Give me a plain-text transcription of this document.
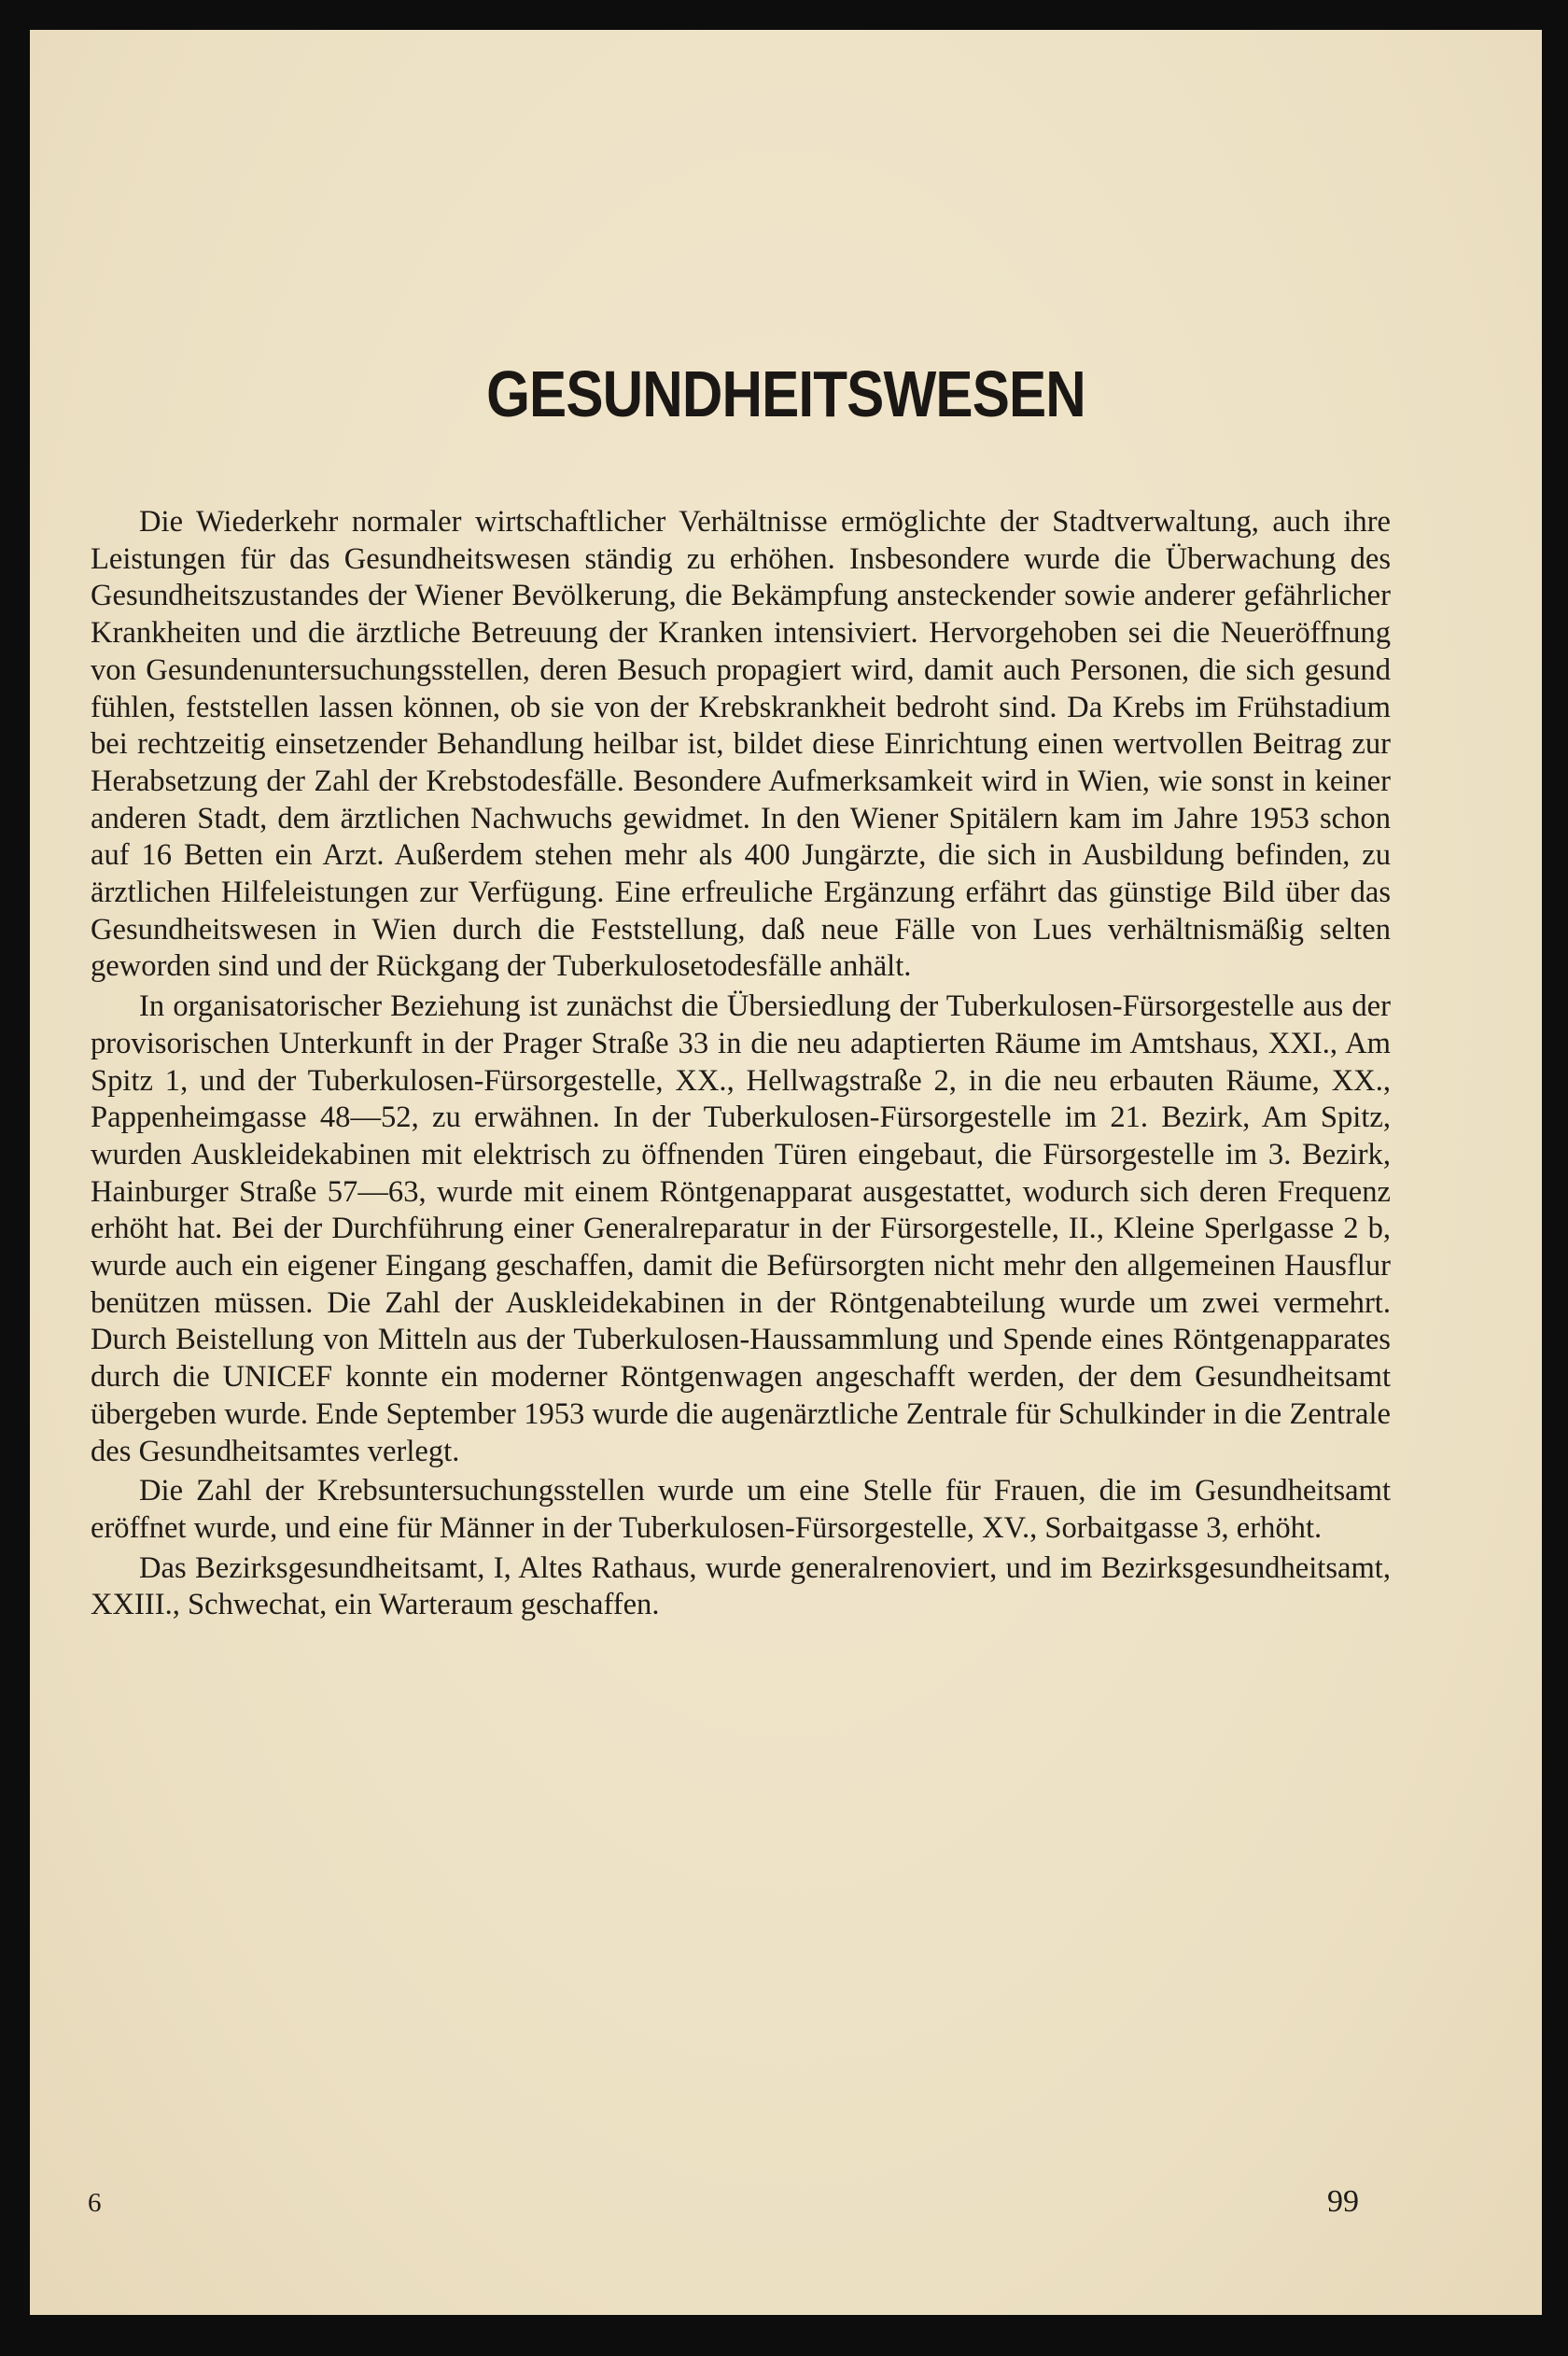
GESUNDHEITSWESEN

Die Wiederkehr normaler wirtschaftlicher Verhältnisse ermöglichte der Stadtverwaltung, auch ihre Leistungen für das Gesundheitswesen ständig zu erhöhen. Insbesondere wurde die Überwachung des Gesundheitszustandes der Wiener Bevölkerung, die Bekämpfung ansteckender sowie anderer gefährlicher Krankheiten und die ärztliche Betreuung der Kranken intensiviert. Hervorgehoben sei die Neueröffnung von Gesundenuntersuchungsstellen, deren Besuch propagiert wird, damit auch Personen, die sich gesund fühlen, feststellen lassen können, ob sie von der Krebskrankheit bedroht sind. Da Krebs im Frühstadium bei rechtzeitig einsetzender Behandlung heilbar ist, bildet diese Einrichtung einen wertvollen Beitrag zur Herabsetzung der Zahl der Krebstodesfälle. Besondere Aufmerksamkeit wird in Wien, wie sonst in keiner anderen Stadt, dem ärztlichen Nachwuchs gewidmet. In den Wiener Spitälern kam im Jahre 1953 schon auf 16 Betten ein Arzt. Außerdem stehen mehr als 400 Jungärzte, die sich in Ausbildung befinden, zu ärztlichen Hilfeleistungen zur Verfügung. Eine erfreuliche Ergänzung erfährt das günstige Bild über das Gesundheitswesen in Wien durch die Feststellung, daß neue Fälle von Lues verhältnismäßig selten geworden sind und der Rückgang der Tuberkulosetodesfälle anhält.

In organisatorischer Beziehung ist zunächst die Übersiedlung der Tuberkulosen-Fürsorgestelle aus der provisorischen Unterkunft in der Prager Straße 33 in die neu adaptierten Räume im Amtshaus, XXI., Am Spitz 1, und der Tuberkulosen-Fürsorgestelle, XX., Hellwagstraße 2, in die neu erbauten Räume, XX., Pappenheimgasse 48—52, zu erwähnen. In der Tuberkulosen-Fürsorgestelle im 21. Bezirk, Am Spitz, wurden Auskleidekabinen mit elektrisch zu öffnenden Türen eingebaut, die Fürsorgestelle im 3. Bezirk, Hainburger Straße 57—63, wurde mit einem Röntgenapparat ausgestattet, wodurch sich deren Frequenz erhöht hat. Bei der Durchführung einer Generalreparatur in der Fürsorgestelle, II., Kleine Sperlgasse 2 b, wurde auch ein eigener Eingang geschaffen, damit die Befürsorgten nicht mehr den allgemeinen Hausflur benützen müssen. Die Zahl der Auskleidekabinen in der Röntgenabteilung wurde um zwei vermehrt. Durch Beistellung von Mitteln aus der Tuberkulosen-Haussammlung und Spende eines Röntgenapparates durch die UNICEF konnte ein moderner Röntgenwagen angeschafft werden, der dem Gesundheitsamt übergeben wurde. Ende September 1953 wurde die augenärztliche Zentrale für Schulkinder in die Zentrale des Gesundheitsamtes verlegt.

Die Zahl der Krebsuntersuchungsstellen wurde um eine Stelle für Frauen, die im Gesundheitsamt eröffnet wurde, und eine für Männer in der Tuberkulosen-Fürsorgestelle, XV., Sorbaitgasse 3, erhöht.

Das Bezirksgesundheitsamt, I, Altes Rathaus, wurde generalrenoviert, und im Bezirksgesundheitsamt, XXIII., Schwechat, ein Warteraum geschaffen.

6	99
